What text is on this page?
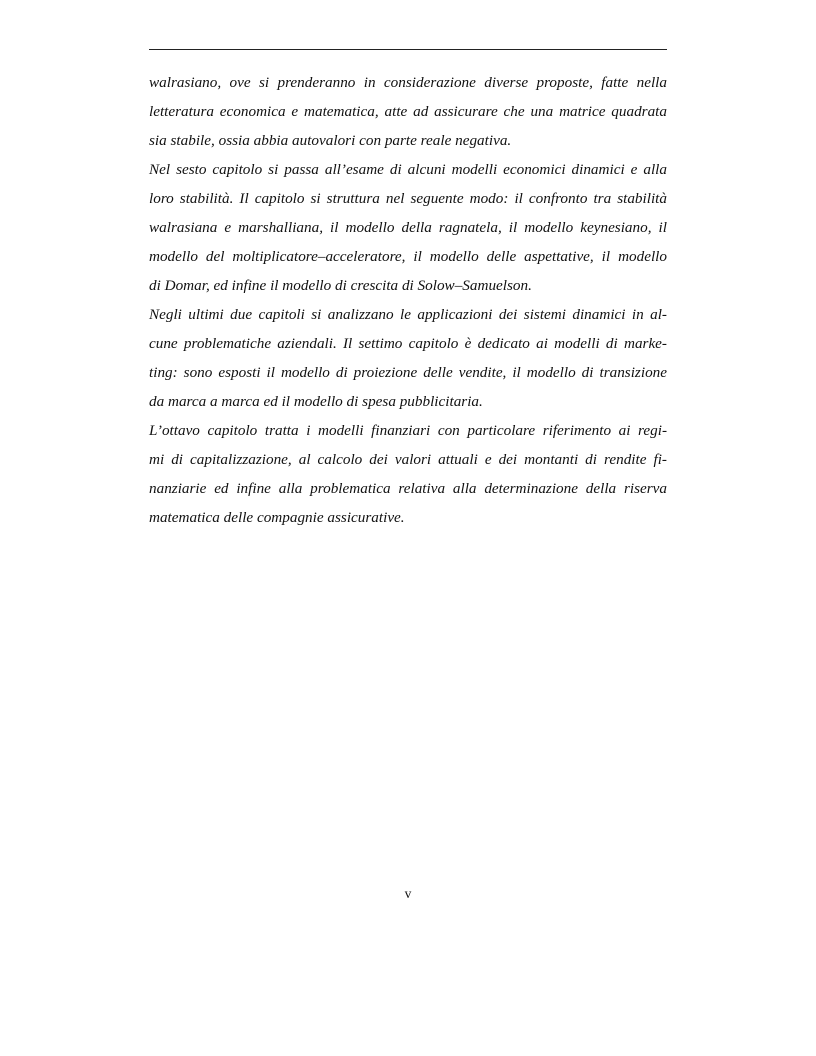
walrasiano, ove si prenderanno in considerazione diverse proposte, fatte nella
letteratura economica e matematica, atte ad assicurare che una matrice quadrata
sia stabile, ossia abbia autovalori con parte reale negativa.
Nel sesto capitolo si passa all’esame di alcuni modelli economici dinamici e alla
loro stabilità. Il capitolo si struttura nel seguente modo: il confronto tra stabilità
walrasiana e marshalliana, il modello della ragnatela, il modello keynesiano, il
modello del moltiplicatore–acceleratore, il modello delle aspettative, il modello
di Domar, ed infine il modello di crescita di Solow–Samuelson.
Negli ultimi due capitoli si analizzano le applicazioni dei sistemi dinamici in al-
cune problematiche aziendali. Il settimo capitolo è dedicato ai modelli di marke-
ting: sono esposti il modello di proiezione delle vendite, il modello di transizione
da marca a marca ed il modello di spesa pubblicitaria.
L’ottavo capitolo tratta i modelli finanziari con particolare riferimento ai regi-
mi di capitalizzazione, al calcolo dei valori attuali e dei montanti di rendite fi-
nanziarie ed infine alla problematica relativa alla determinazione della riserva
matematica delle compagnie assicurative.
v
